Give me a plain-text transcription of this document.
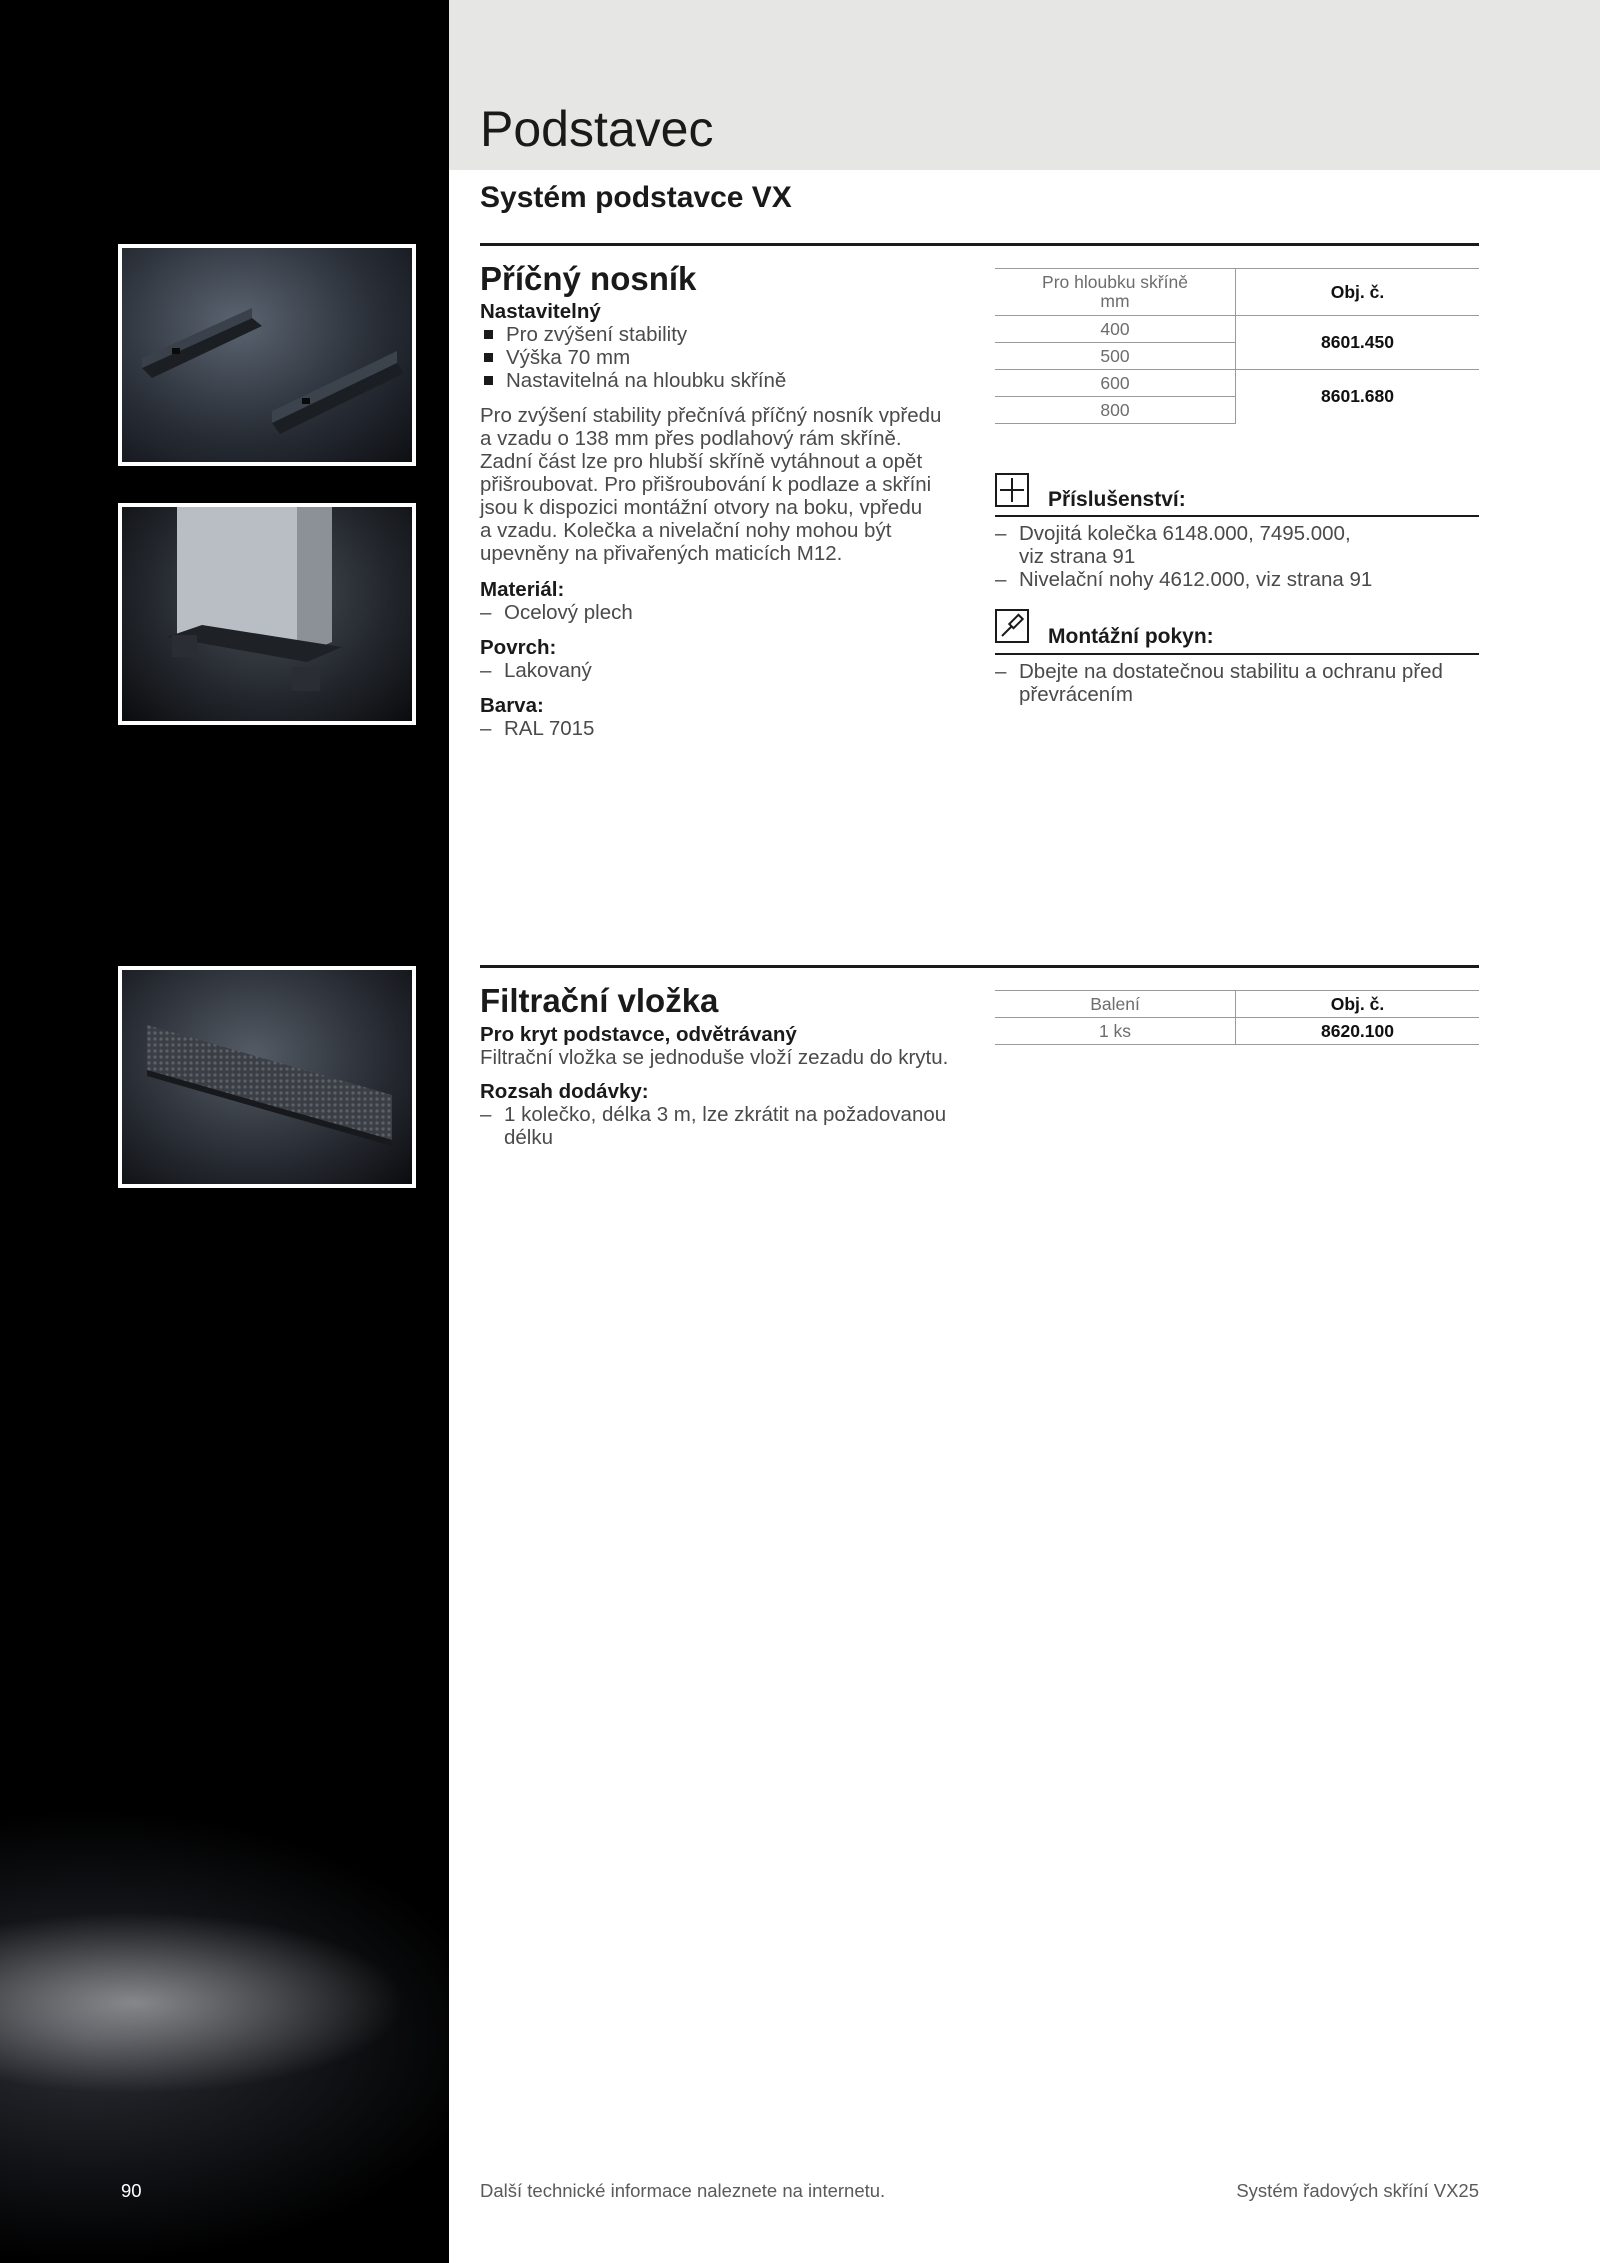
Podstavec
Systém podstavce VX
Příčný nosník

Nastavitelný

Pro zvýšení stability
Výška 70 mm
Nastavitelná na hloubku skříně
Pro zvýšení stability přečnívá příčný nosník vpředu
a vzadu o 138 mm přes podlahový rám skříně.
Zadní část lze pro hlubší skříně vytáhnout a opět
přišroubovat. Pro přišroubování k podlaze a skříni
jsou k dispozici montážní otvory na boku, vpředu
a vzadu. Kolečka a nivelační nohy mohou být
upevněny na přivařených maticích M12.

Materiál:

– Ocelový plech

Povrch:

– Lakovaný

Barva:

– RAL 7015
Pro hloubku skříně
mm	Obj. č.
400	8601.450
500	
600	8601.680
800	

Příslušenství:

– Dvojitá kolečka 6148.000, 7495.000,
viz strana 91
– Nivelační nohy 4612.000, viz strana 91

Montážní pokyn:

– Dbejte na dostatečnou stabilitu a ochranu před
převrácením
Filtrační vložka

Pro kryt podstavce, odvětrávaný

Filtrační vložka se jednoduše vloží zezadu do krytu.

Rozsah dodávky:

– 1 kolečko, délka 3 m, lze zkrátit na požadovanou
délku
Balení	Obj. č.
1 ks	8620.100

90	Další technické informace naleznete na internetu.	Systém řadových skříní VX25
